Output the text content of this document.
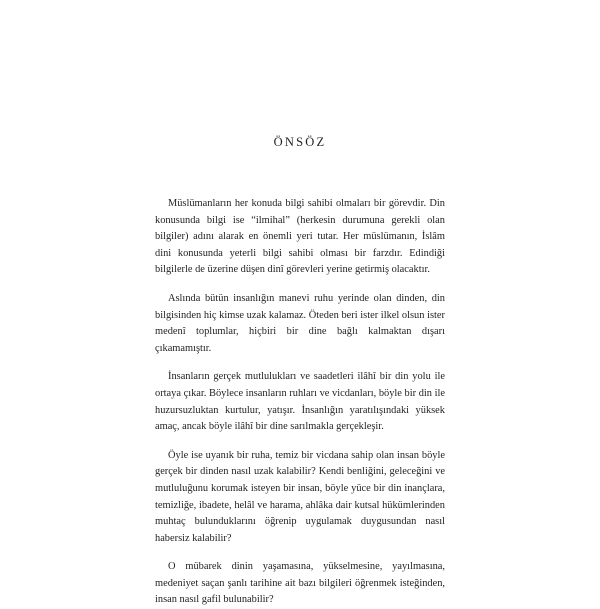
ÖNSÖZ

Müslümanların her konuda bilgi sahibi olmaları bir görevdir. Din konusunda bilgi ise “ilmihal” (herkesin durumuna gerekli olan bilgiler) adını alarak en önemli yeri tutar. Her müslümanın, İslâm dini konusunda yeterli bilgi sahibi olması bir farzdır. Edindiği bilgilerle de üzerine düşen dinî görevleri yerine getirmiş olacaktır.

Aslında bütün insanlığın manevi ruhu yerinde olan dinden, din bilgisinden hiç kimse uzak kalamaz. Öteden beri ister ilkel olsun ister medenî toplumlar, hiçbiri bir dine bağlı kalmaktan dışarı çıkamamıştır.

İnsanların gerçek mutlulukları ve saadetleri ilâhî bir din yolu ile ortaya çıkar. Böylece insanların ruhları ve vicdanları, böyle bir din ile huzursuzluktan kurtulur, yatışır. İnsanlığın yaratılışındaki yüksek amaç, ancak böyle ilâhî bir dine sarılmakla gerçekleşir.

Öyle ise uyanık bir ruha, temiz bir vicdana sahip olan insan böyle gerçek bir dinden nasıl uzak kalabilir? Kendi benliğini, geleceğini ve mutluluğunu korumak isteyen bir insan, böyle yüce bir din inançlara, temizliğe, ibadete, helâl ve harama, ahlâka dair kutsal hükümlerinden muhtaç bulunduklarını öğrenip uygulamak duygusundan nasıl habersiz kalabilir?

O mübarek dinin yaşamasına, yükselmesine, yayılmasına, medeniyet saçan şanlı tarihine ait bazı bilgileri öğrenmek isteğinden, insan nasıl gafil bulunabilir?
